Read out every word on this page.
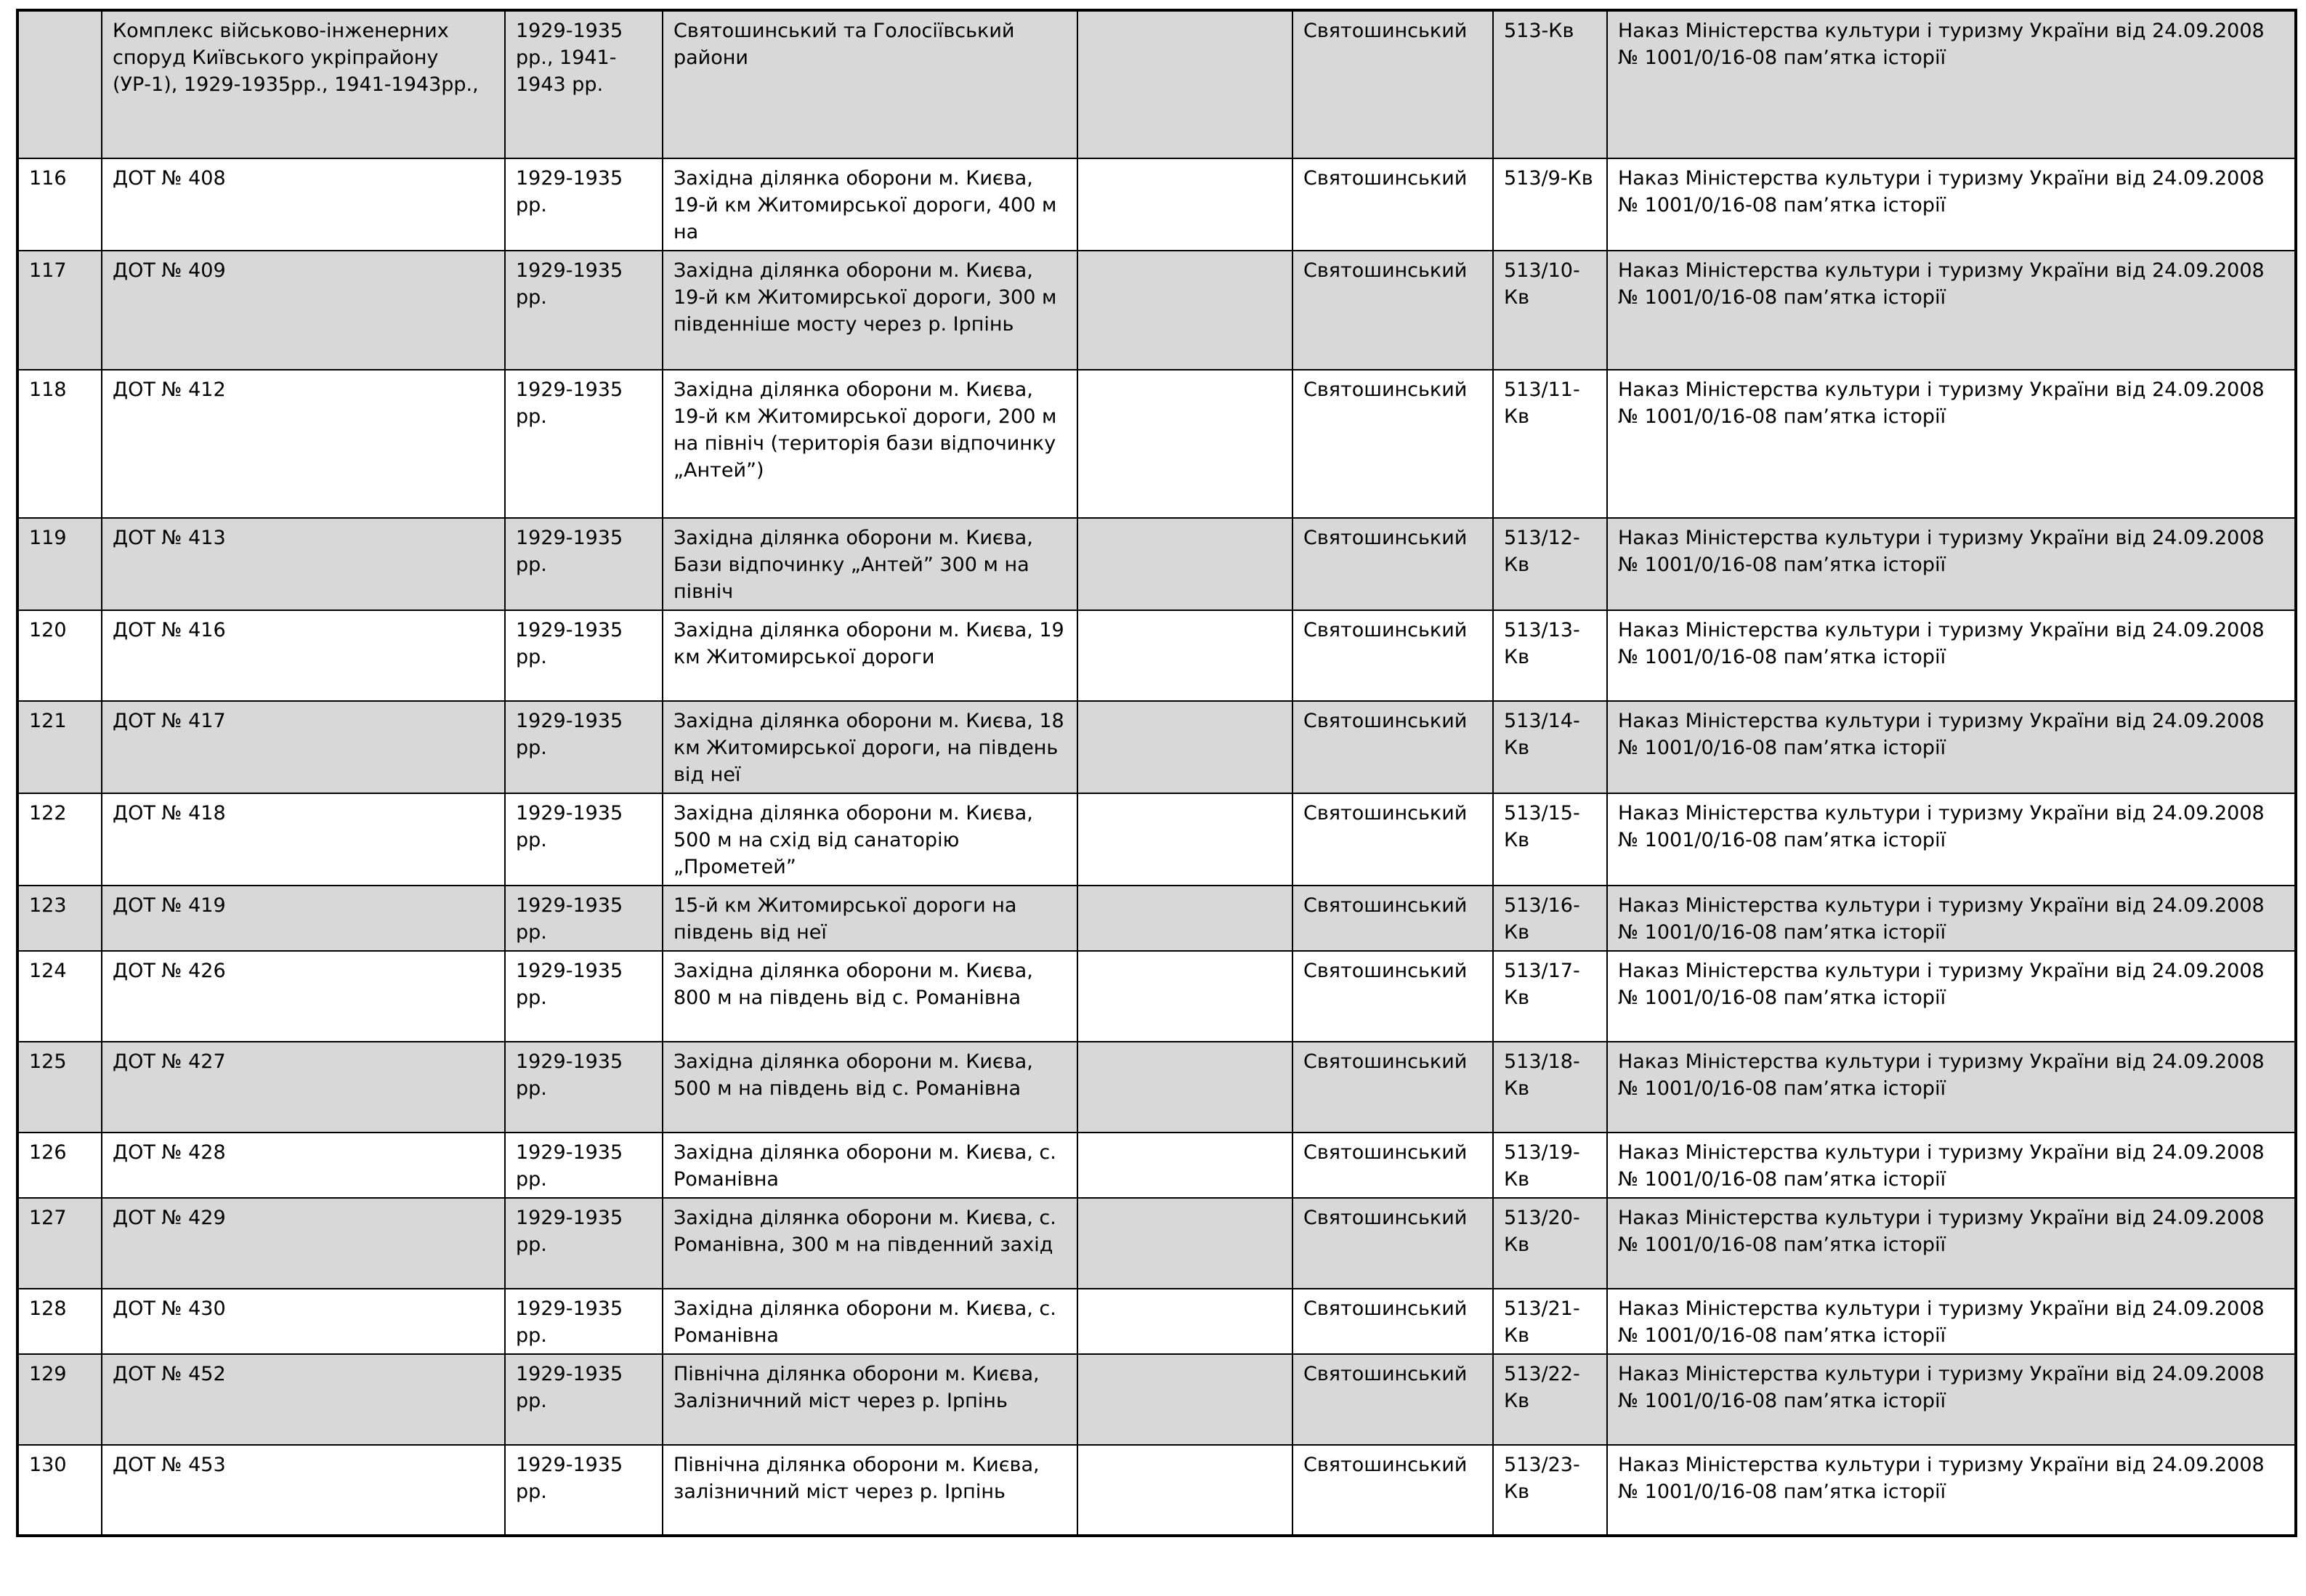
	Комплекс військово-інженерних споруд Київського укріпрайону (УР-1), 1929-1935рр., 1941-1943рр.,	1929-1935 рр., 1941-1943 рр.	Святошинський та Голосіївський райони		Святошинський	513-Кв	Наказ Міністерства культури і туризму України від 24.09.2008 № 1001/0/16-08 пам’ятка історії
116	ДОТ № 408	1929-1935 рр.	Західна ділянка оборони м. Києва, 19-й км Житомирської дороги, 400 м на		Святошинський	513/9-Кв	Наказ Міністерства культури і туризму України від 24.09.2008 № 1001/0/16-08 пам’ятка історії
117	ДОТ № 409	1929-1935 рр.	Західна ділянка оборони м. Києва, 19-й км Житомирської дороги, 300 м південніше мосту через р. Ірпінь		Святошинський	513/10-Кв	Наказ Міністерства культури і туризму України від 24.09.2008 № 1001/0/16-08 пам’ятка історії
118	ДОТ № 412	1929-1935 рр.	Західна ділянка оборони м. Києва, 19-й км Житомирської дороги, 200 м на північ (територія бази відпочинку „Антей”)		Святошинський	513/11-Кв	Наказ Міністерства культури і туризму України від 24.09.2008 № 1001/0/16-08 пам’ятка історії
119	ДОТ № 413	1929-1935 рр.	Західна ділянка оборони м. Києва, Бази відпочинку „Антей” 300 м на північ		Святошинський	513/12-Кв	Наказ Міністерства культури і туризму України від 24.09.2008 № 1001/0/16-08 пам’ятка історії
120	ДОТ № 416	1929-1935 рр.	Західна ділянка оборони м. Києва, 19 км Житомирської дороги		Святошинський	513/13-Кв	Наказ Міністерства культури і туризму України від 24.09.2008 № 1001/0/16-08 пам’ятка історії
121	ДОТ № 417	1929-1935 рр.	Західна ділянка оборони м. Києва, 18 км Житомирської дороги, на південь від неї		Святошинський	513/14-Кв	Наказ Міністерства культури і туризму України від 24.09.2008 № 1001/0/16-08 пам’ятка історії
122	ДОТ № 418	1929-1935 рр.	Західна ділянка оборони м. Києва, 500 м на схід від санаторію „Прометей”		Святошинський	513/15-Кв	Наказ Міністерства культури і туризму України від 24.09.2008 № 1001/0/16-08 пам’ятка історії
123	ДОТ № 419	1929-1935 рр.	15-й км Житомирської дороги на південь від неї		Святошинський	513/16-Кв	Наказ Міністерства культури і туризму України від 24.09.2008 № 1001/0/16-08 пам’ятка історії
124	ДОТ № 426	1929-1935 рр.	Західна ділянка оборони м. Києва, 800 м на південь від с. Романівна		Святошинський	513/17-Кв	Наказ Міністерства культури і туризму України від 24.09.2008 № 1001/0/16-08 пам’ятка історії
125	ДОТ № 427	1929-1935 рр.	Західна ділянка оборони м. Києва, 500 м на південь від с. Романівна		Святошинський	513/18-Кв	Наказ Міністерства культури і туризму України від 24.09.2008 № 1001/0/16-08 пам’ятка історії
126	ДОТ № 428	1929-1935 рр.	Західна ділянка оборони м. Києва, с. Романівна		Святошинський	513/19-Кв	Наказ Міністерства культури і туризму України від 24.09.2008 № 1001/0/16-08 пам’ятка історії
127	ДОТ № 429	1929-1935 рр.	Західна ділянка оборони м. Києва, с. Романівна, 300 м на південний захід		Святошинський	513/20-Кв	Наказ Міністерства культури і туризму України від 24.09.2008 № 1001/0/16-08 пам’ятка історії
128	ДОТ № 430	1929-1935 рр.	Західна ділянка оборони м. Києва, с. Романівна		Святошинський	513/21-Кв	Наказ Міністерства культури і туризму України від 24.09.2008 № 1001/0/16-08 пам’ятка історії
129	ДОТ № 452	1929-1935 рр.	Північна ділянка оборони м. Києва, Залізничний міст через р. Ірпінь		Святошинський	513/22-Кв	Наказ Міністерства культури і туризму України від 24.09.2008 № 1001/0/16-08 пам’ятка історії
130	ДОТ № 453	1929-1935 рр.	Північна ділянка оборони м. Києва, залізничний міст через р. Ірпінь		Святошинський	513/23-Кв	Наказ Міністерства культури і туризму України від 24.09.2008 № 1001/0/16-08 пам’ятка історії
